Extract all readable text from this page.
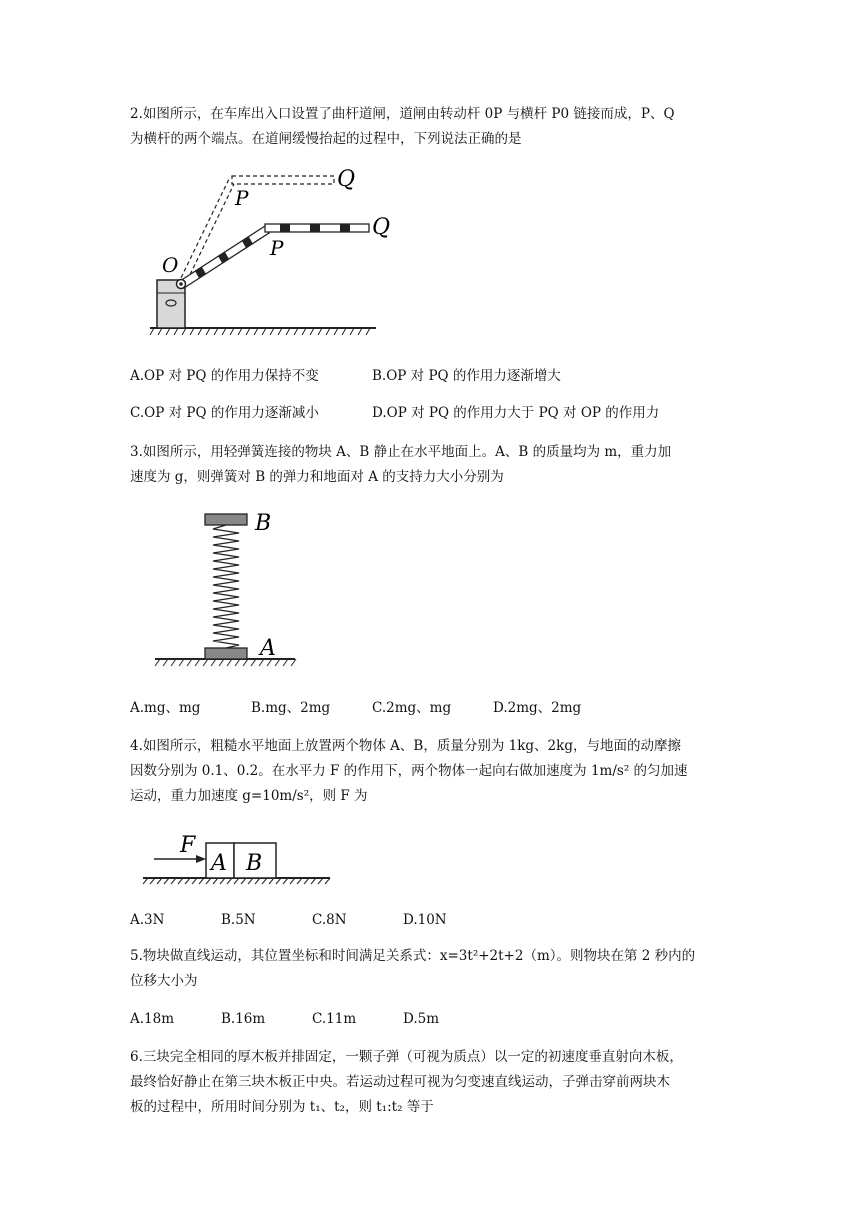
2.如图所示，在车库出入口设置了曲杆道闸，道闸由转动杆 0P 与横杆 P0 链接而成，P、Q
为横杆的两个端点。在道闸缓慢抬起的过程中，下列说法正确的是
O
P
Q
P
Q
A.OP 对 PQ 的作用力保持不变	B.OP 对 PQ 的作用力逐渐增大
C.OP 对 PQ 的作用力逐渐减小	D.OP 对 PQ 的作用力大于 PQ 对 OP 的作用力
3.如图所示，用轻弹簧连接的物块 A、B 静止在水平地面上。A、B 的质量均为 m，重力加
速度为 g，则弹簧对 B 的弹力和地面对 A 的支持力大小分别为
B
A
A.mg、mg	B.mg、2mg	C.2mg、mg	D.2mg、2mg
4.如图所示，粗糙水平地面上放置两个物体 A、B，质量分别为 1kg、2kg，与地面的动摩擦
因数分别为 0.1、0.2。在水平力 F 的作用下，两个物体一起向右做加速度为 1m/s² 的匀加速
运动，重力加速度 g=10m/s²，则 F 为
F
A B
A.3N	B.5N	C.8N	D.10N
5.物块做直线运动，其位置坐标和时间满足关系式：x=3t²+2t+2（m）。则物块在第 2 秒内的
位移大小为
A.18m	B.16m	C.11m	D.5m
6.三块完全相同的厚木板并排固定，一颗子弹（可视为质点）以一定的初速度垂直射向木板，
最终恰好静止在第三块木板正中央。若运动过程可视为匀变速直线运动，子弹击穿前两块木
板的过程中，所用时间分别为 t₁、t₂，则 t₁:t₂ 等于
